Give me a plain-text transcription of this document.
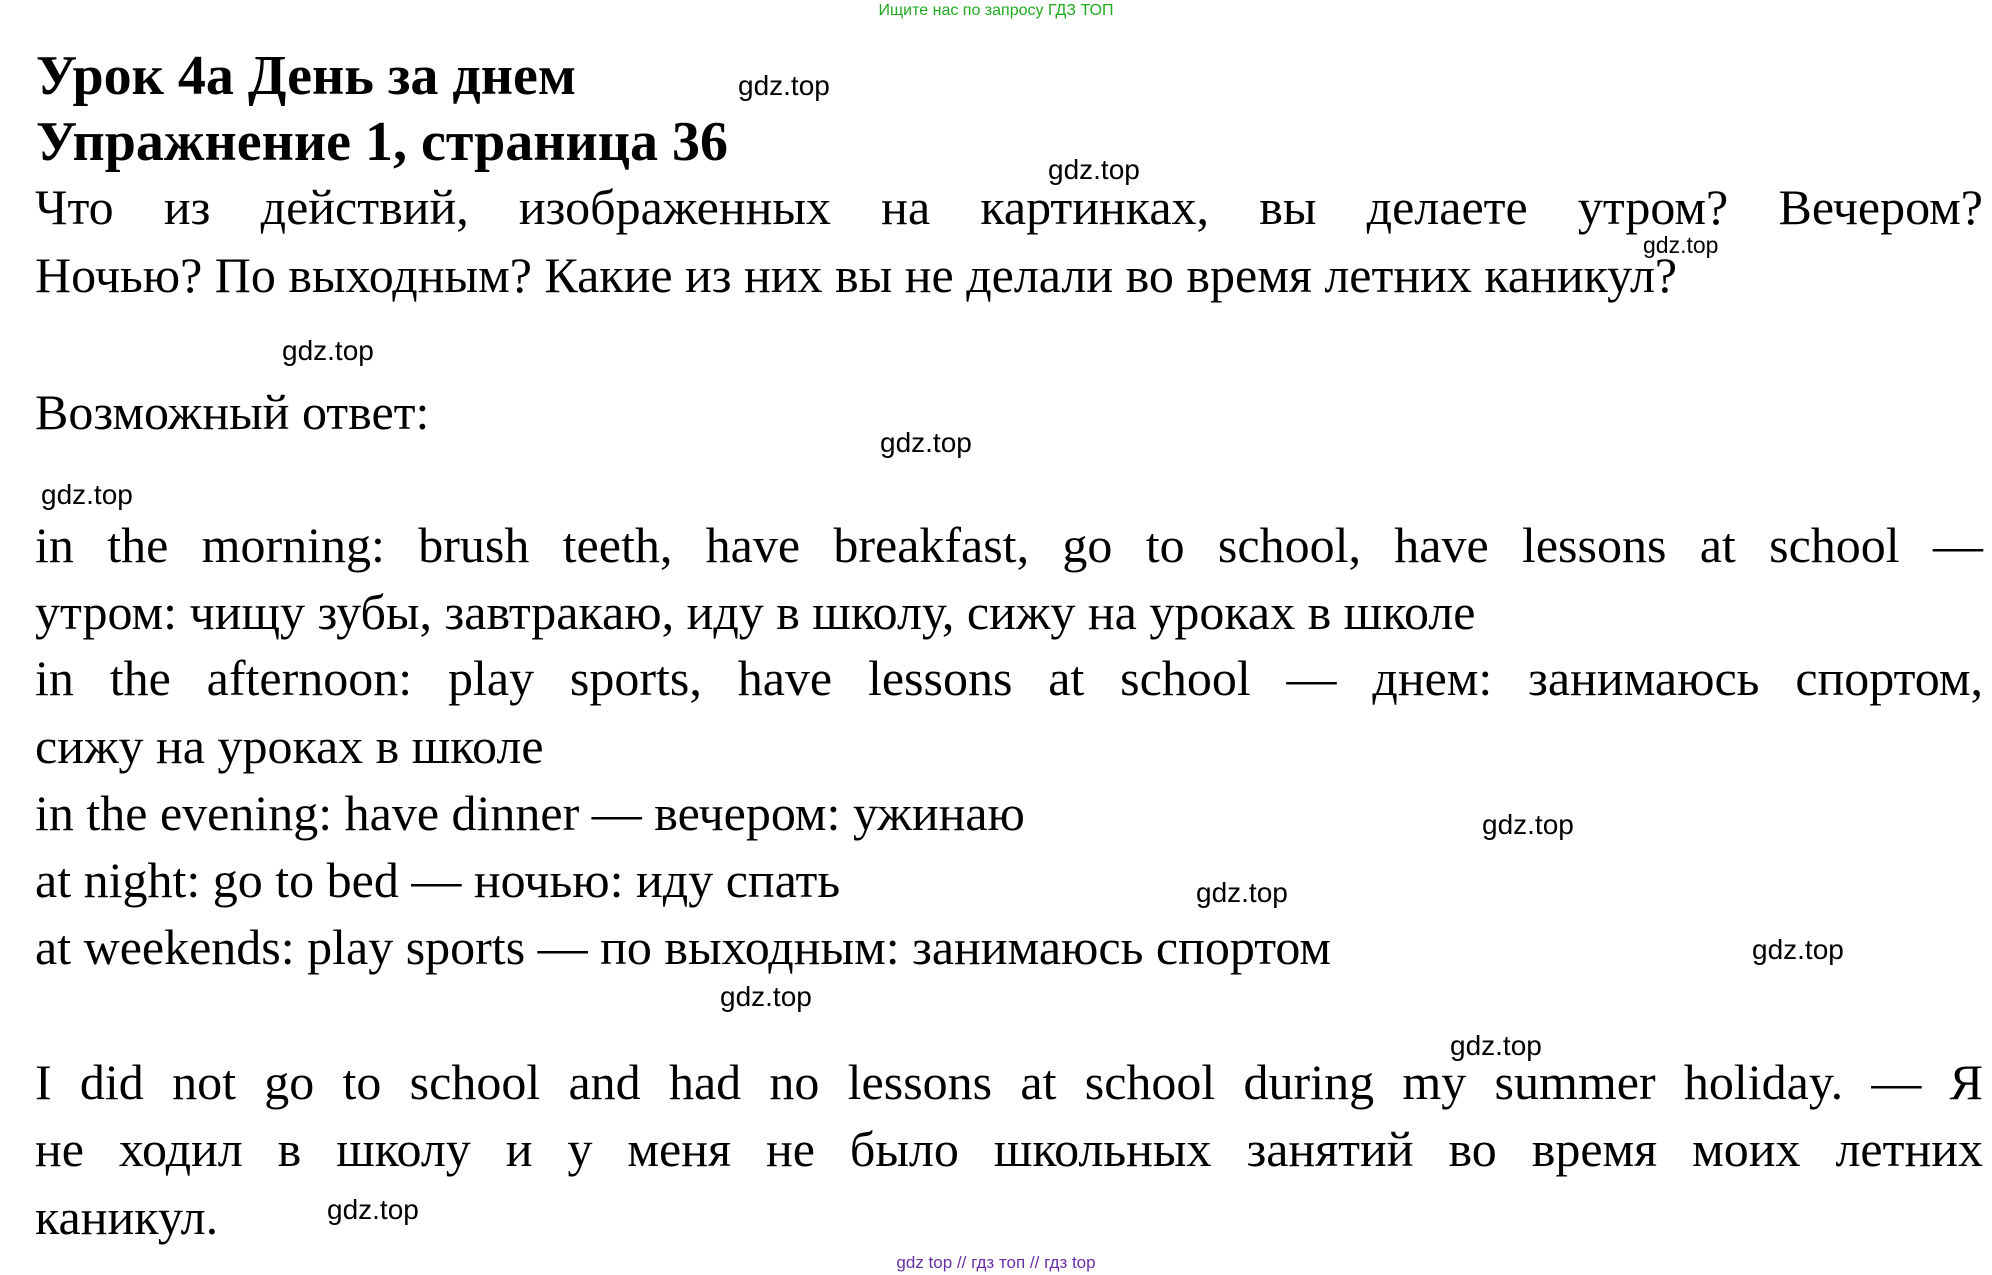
Ищите нас по запросу ГДЗ ТОП
Урок 4a День за днем
Упражнение 1, страница 36
Что из действий, изображенных на картинках, вы делаете утром? Вечером?
Ночью? По выходным? Какие из них вы не делали во время летних каникул?
Возможный ответ:
in the morning: brush teeth, have breakfast, go to school, have lessons at school —
утром: чищу зубы, завтракаю, иду в школу, сижу на уроках в школе
in the afternoon: play sports, have lessons at school — днем: занимаюсь спортом,
сижу на уроках в школе
in the evening: have dinner — вечером: ужинаю
at night: go to bed — ночью: иду спать
at weekends: play sports — по выходным: занимаюсь спортом
I did not go to school and had no lessons at school during my summer holiday. — Я
не ходил в школу и у меня не было школьных занятий во время моих летних
каникул.
gdz.top
gdz.top
gdz.top
gdz.top
gdz.top
gdz.top
gdz.top
gdz.top
gdz.top
gdz.top
gdz.top
gdz.top
gdz top // гдз топ // гдз top
